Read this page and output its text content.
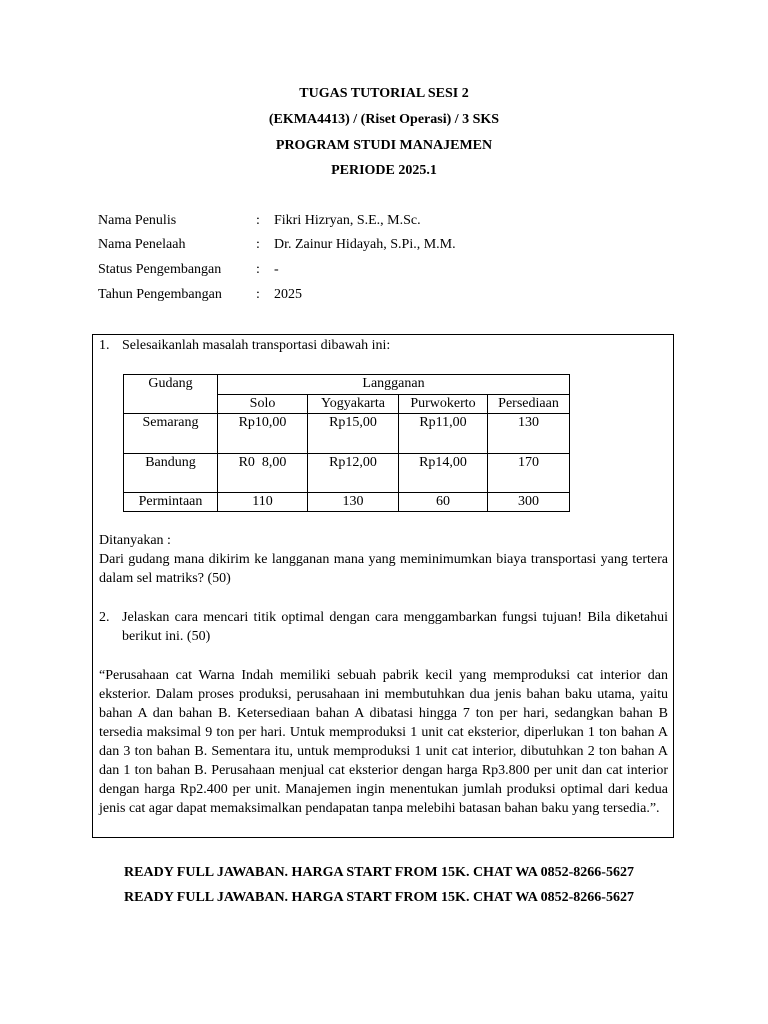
TUGAS TUTORIAL SESI 2
(EKMA4413) / (Riset Operasi) / 3 SKS
PROGRAM STUDI MANAJEMEN
PERIODE 2025.1
Nama Penulis	: Fikri Hizryan, S.E., M.Sc.
Nama Penelaah	: Dr. Zainur Hidayah, S.Pi., M.M.
Status Pengembangan : -
Tahun Pengembangan : 2025
1. Selesaikanlah masalah transportasi dibawah ini:
Gudang	Langganan			
	Solo	Yogyakarta	Purwokerto	Persediaan
Semarang	Rp10,00	Rp15,00	Rp11,00	130
Bandung	R0  8,00	Rp12,00	Rp14,00	170
Permintaan	110	130	60	300
Ditanyakan :
Dari gudang mana dikirim ke langganan mana yang meminimumkan biaya transportasi yang tertera dalam sel matriks? (50)
2. Jelaskan cara mencari titik optimal dengan cara menggambarkan fungsi tujuan! Bila diketahui berikut ini. (50)
“Perusahaan cat Warna Indah memiliki sebuah pabrik kecil yang memproduksi cat interior dan eksterior. Dalam proses produksi, perusahaan ini membutuhkan dua jenis bahan baku utama, yaitu bahan A dan bahan B. Ketersediaan bahan A dibatasi hingga 7 ton per hari, sedangkan bahan B tersedia maksimal 9 ton per hari. Untuk memproduksi 1 unit cat eksterior, diperlukan 1 ton bahan A dan 3 ton bahan B. Sementara itu, untuk memproduksi 1 unit cat interior, dibutuhkan 2 ton bahan A dan 1 ton bahan B. Perusahaan menjual cat eksterior dengan harga Rp3.800 per unit dan cat interior dengan harga Rp2.400 per unit. Manajemen ingin menentukan jumlah produksi optimal dari kedua jenis cat agar dapat memaksimalkan pendapatan tanpa melebihi batasan bahan baku yang tersedia.”.
READY FULL JAWABAN. HARGA START FROM 15K. CHAT WA 0852-8266-5627
READY FULL JAWABAN. HARGA START FROM 15K. CHAT WA 0852-8266-5627
